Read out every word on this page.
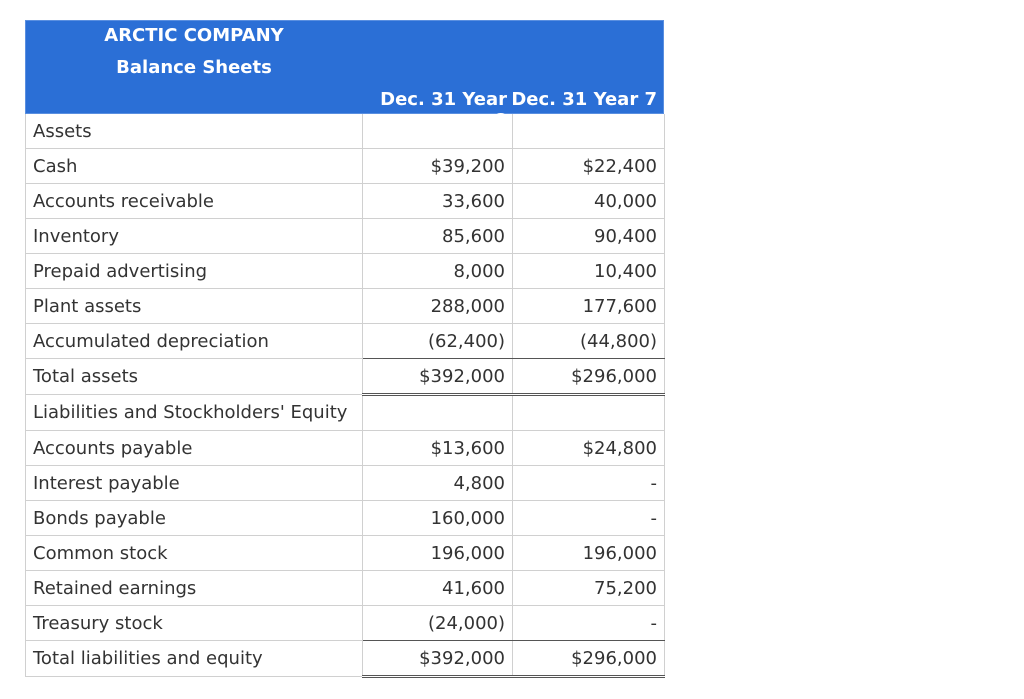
ARCTIC COMPANY
Balance Sheets
Dec. 31 Year 8
Dec. 31 Year 7
Assets		
Cash	$39,200	$22,400
Accounts receivable	33,600	40,000
Inventory	85,600	90,400
Prepaid advertising	8,000	10,400
Plant assets	288,000	177,600
Accumulated depreciation	(62,400)	(44,800)
Total assets	$392,000	$296,000
Liabilities and Stockholders' Equity		
Accounts payable	$13,600	$24,800
Interest payable	4,800	-
Bonds payable	160,000	-
Common stock	196,000	196,000
Retained earnings	41,600	75,200
Treasury stock	(24,000)	-
Total liabilities and equity	$392,000	$296,000
